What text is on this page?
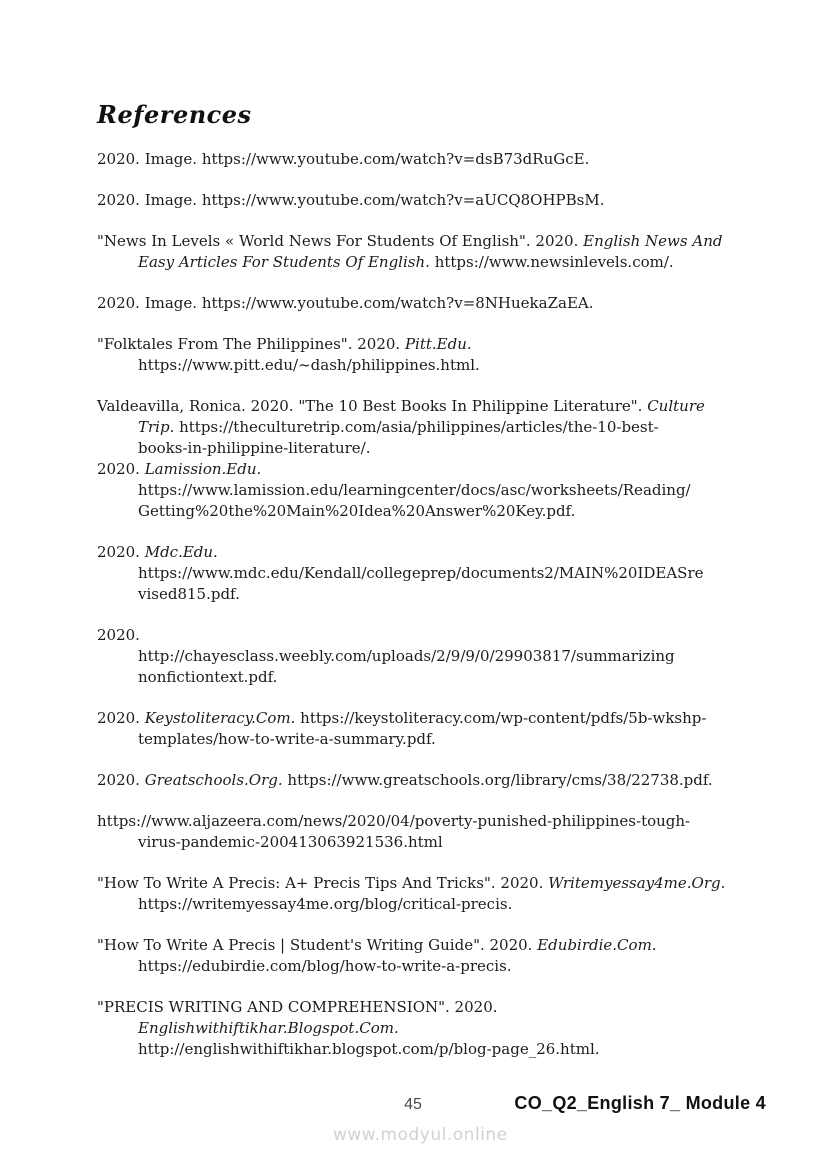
References
2020. Image. https://www.youtube.com/watch?v=dsB73dRuGcE.
2020. Image. https://www.youtube.com/watch?v=aUCQ8OHPBsM.
"News In Levels « World News For Students Of English". 2020. English News And
Easy Articles For Students Of English. https://www.newsinlevels.com/.
2020. Image. https://www.youtube.com/watch?v=8NHuekaZaEA.
"Folktales From The Philippines". 2020. Pitt.Edu.
https://www.pitt.edu/~dash/philippines.html.
Valdeavilla, Ronica. 2020. "The 10 Best Books In Philippine Literature". Culture
Trip. https://theculturetrip.com/asia/philippines/articles/the-10-best-
books-in-philippine-literature/.
2020. Lamission.Edu.
https://www.lamission.edu/learningcenter/docs/asc/worksheets/Reading/
Getting%20the%20Main%20Idea%20Answer%20Key.pdf.
2020. Mdc.Edu.
https://www.mdc.edu/Kendall/collegeprep/documents2/MAIN%20IDEASre
vised815.pdf.
2020.
http://chayesclass.weebly.com/uploads/2/9/9/0/29903817/summarizing
nonfictiontext.pdf.
2020. Keystoliteracy.Com. https://keystoliteracy.com/wp-content/pdfs/5b-wkshp-
templates/how-to-write-a-summary.pdf.
2020. Greatschools.Org. https://www.greatschools.org/library/cms/38/22738.pdf.
https://www.aljazeera.com/news/2020/04/poverty-punished-philippines-tough-
virus-pandemic-200413063921536.html
"How To Write A Precis: A+ Precis Tips And Tricks". 2020. Writemyessay4me.Org.
https://writemyessay4me.org/blog/critical-precis.
"How To Write A Precis | Student's Writing Guide". 2020. Edubirdie.Com.
https://edubirdie.com/blog/how-to-write-a-precis.
"PRECIS WRITING AND COMPREHENSION". 2020.
Englishwithiftikhar.Blogspot.Com.
http://englishwithiftikhar.blogspot.com/p/blog-page_26.html.
45	CO_Q2_English 7_ Module 4
www.modyul.online
